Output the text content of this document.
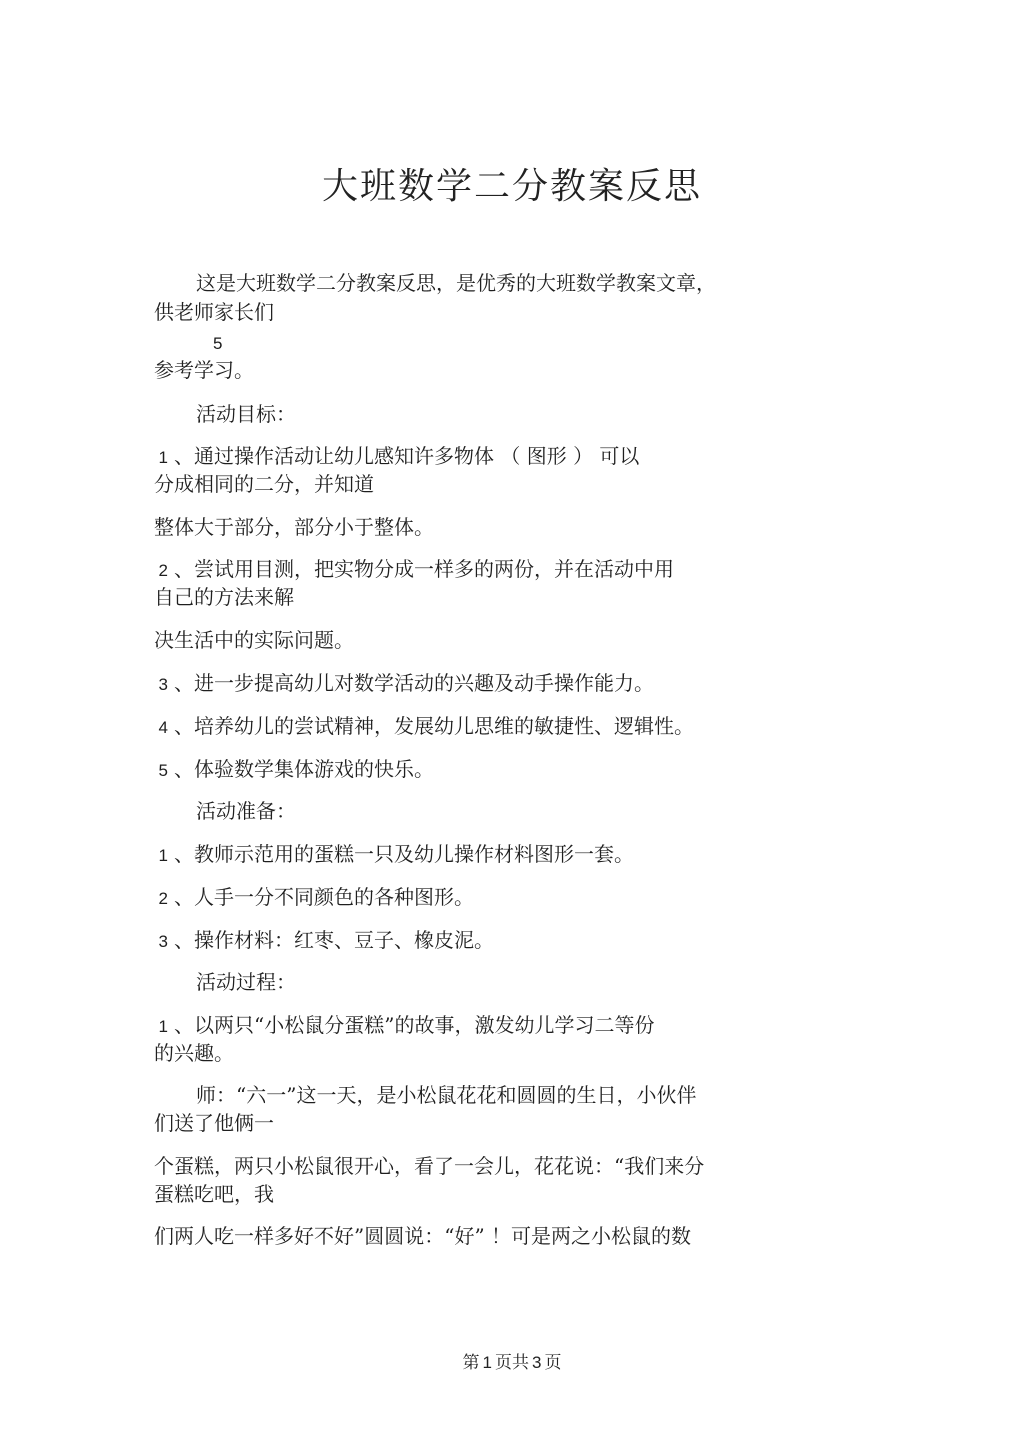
大班数学二分教案反思
这是大班数学二分教案反思，是优秀的大班数学教案文章，
供老师家长们
5
参考学习。
活动目标：
1 、通过操作活动让幼儿感知许多物体 （ 图形 ） 可以
分成相同的二分，并知道
整体大于部分，部分小于整体。
2 、尝试用目测，把实物分成一样多的两份，并在活动中用
自己的方法来解
决生活中的实际问题。
3 、进一步提高幼儿对数学活动的兴趣及动手操作能力。
4 、培养幼儿的尝试精神，发展幼儿思维的敏捷性、逻辑性。
5 、体验数学集体游戏的快乐。
活动准备：
1 、教师示范用的蛋糕一只及幼儿操作材料图形一套。
2 、人手一分不同颜色的各种图形。
3 、操作材料：红枣、豆子、橡皮泥。
活动过程：
1 、以两只“小松鼠分蛋糕”的故事，激发幼儿学习二等份
的兴趣。
师：“六一”这一天，是小松鼠花花和圆圆的生日，小伙伴
们送了他俩一
个蛋糕，两只小松鼠很开心，看了一会儿，花花说：“我们来分
蛋糕吃吧，我
们两人吃一样多好不好”圆圆说：“好” ！可是两之小松鼠的数
第 1 页共 3 页
